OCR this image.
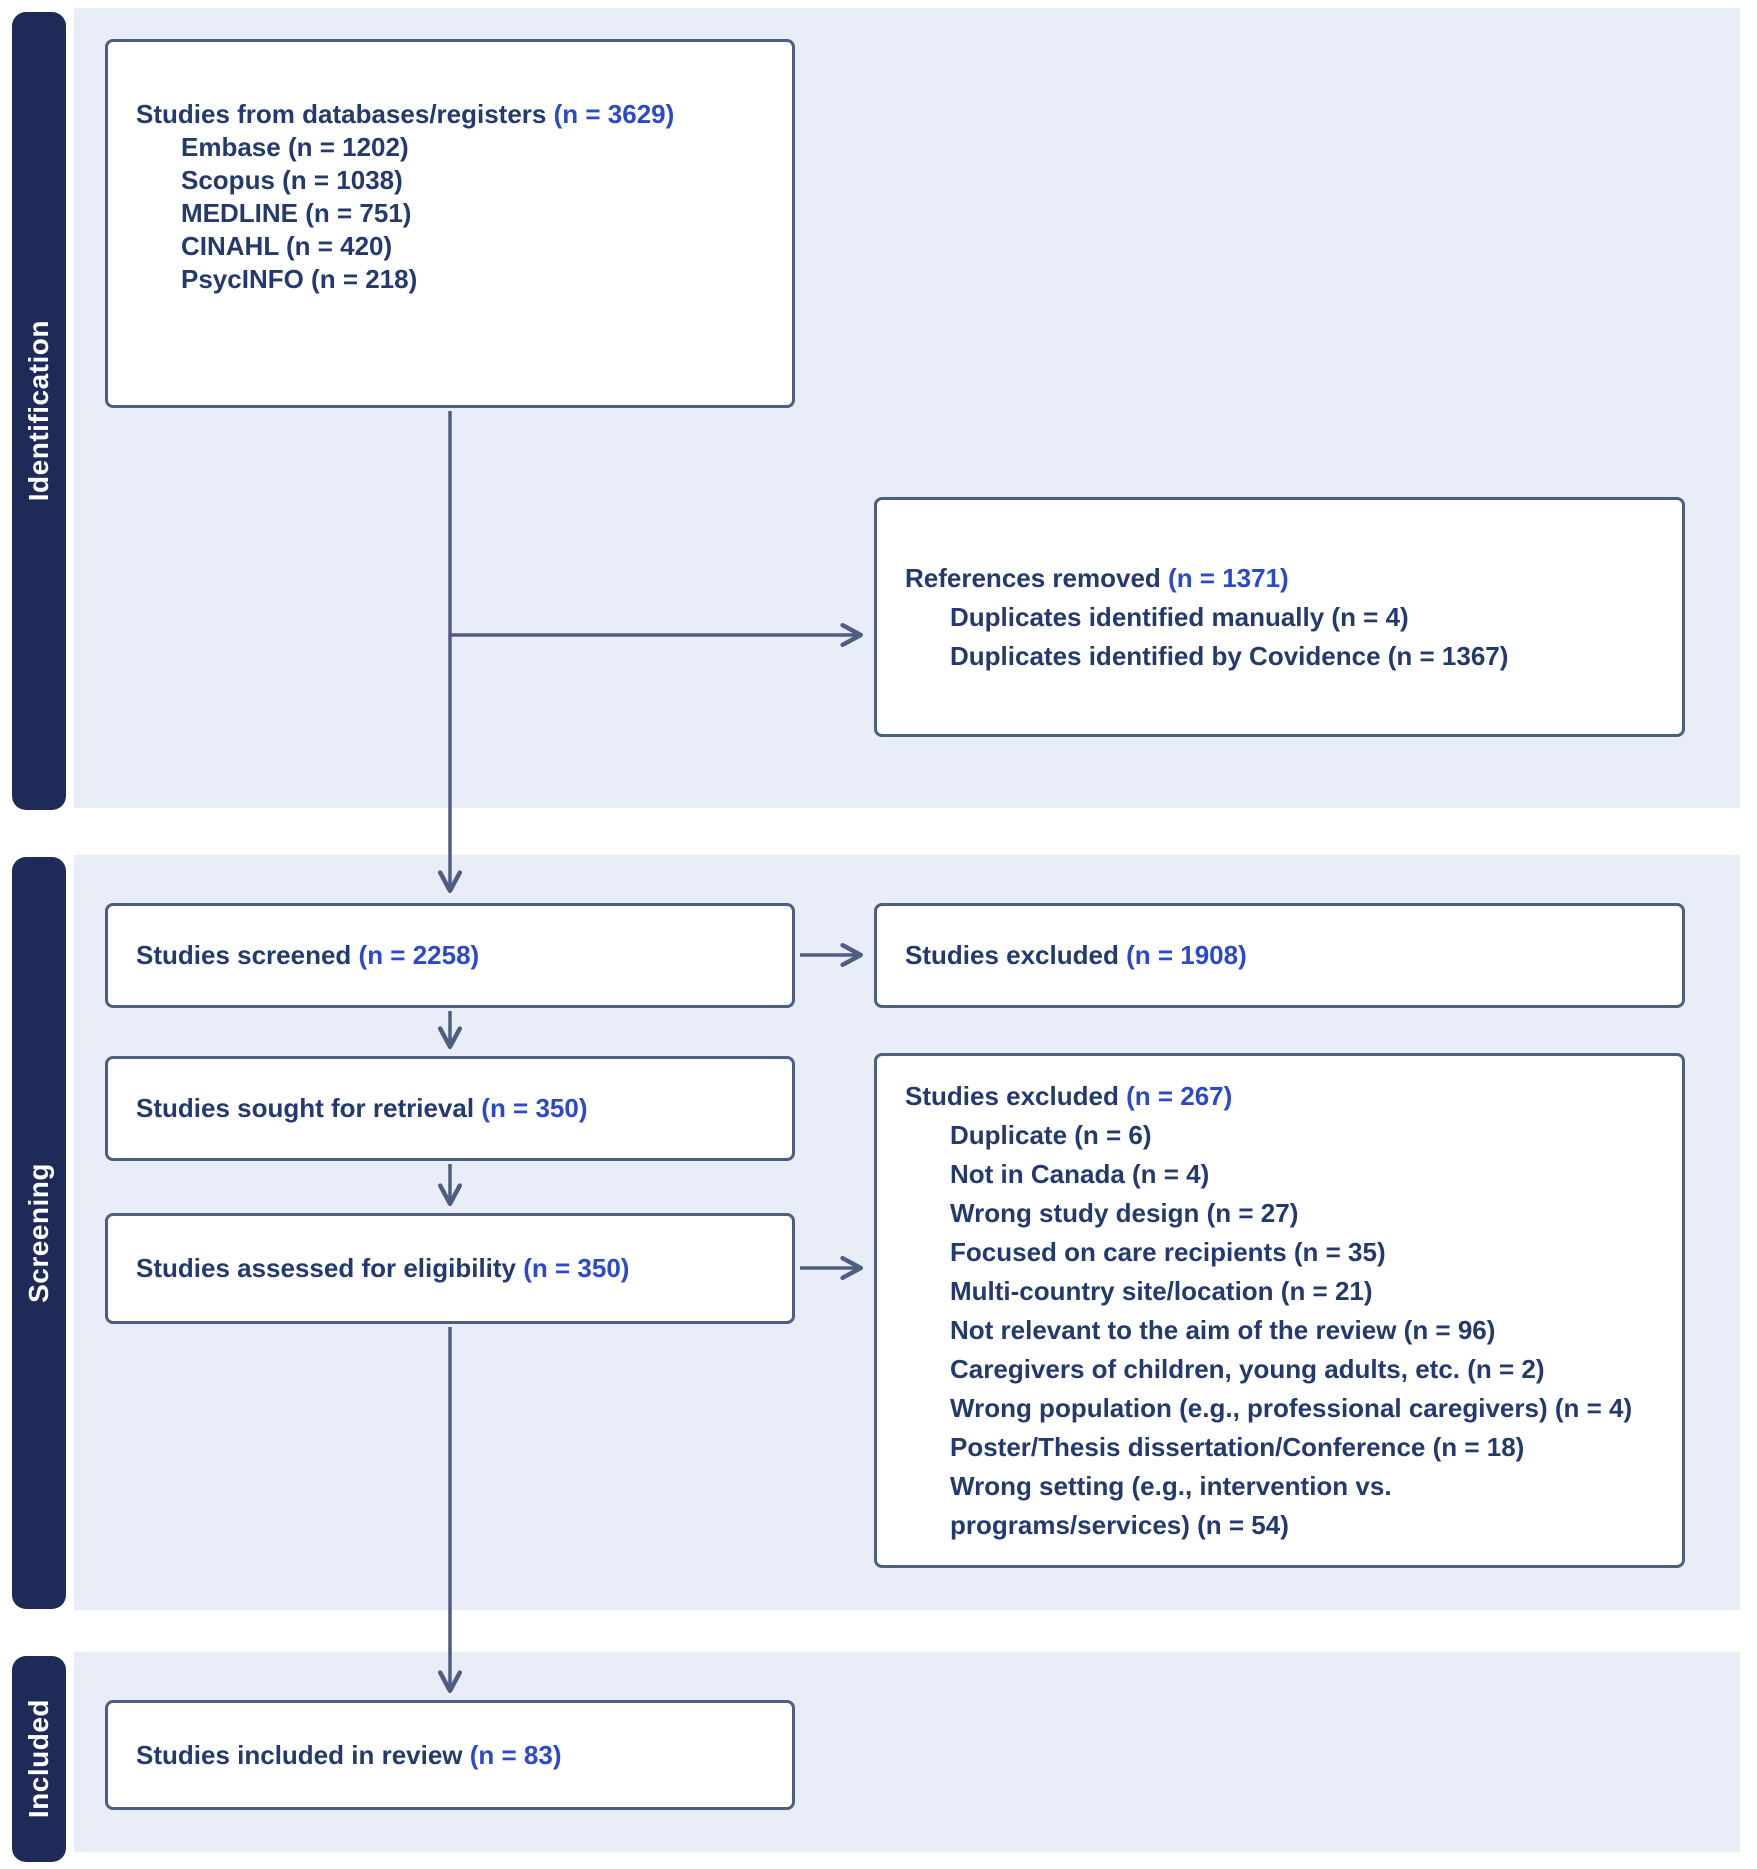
Identification
Screening
Included
Studies from databases/registers (n = 3629)
Embase (n = 1202)
Scopus (n = 1038)
MEDLINE (n = 751)
CINAHL (n = 420)
PsycINFO (n = 218)
References removed (n = 1371)
Duplicates identified manually (n = 4)
Duplicates identified by Covidence (n = 1367)
Studies screened (n = 2258)	Studies excluded (n = 1908)
Studies sought for retrieval (n = 350)	Studies excluded (n = 267)
Duplicate (n = 6)
Not in Canada (n = 4)
Wrong study design (n = 27)
Focused on care recipients (n = 35)
Multi-country site/location (n = 21)
Not relevant to the aim of the review (n = 96)
Caregivers of children, young adults, etc. (n = 2)
Wrong population (e.g., professional caregivers) (n = 4)
Poster/Thesis dissertation/Conference (n = 18)
Wrong setting (e.g., intervention vs.
programs/services) (n = 54)
Studies assessed for eligibility (n = 350)
Studies included in review (n = 83)
